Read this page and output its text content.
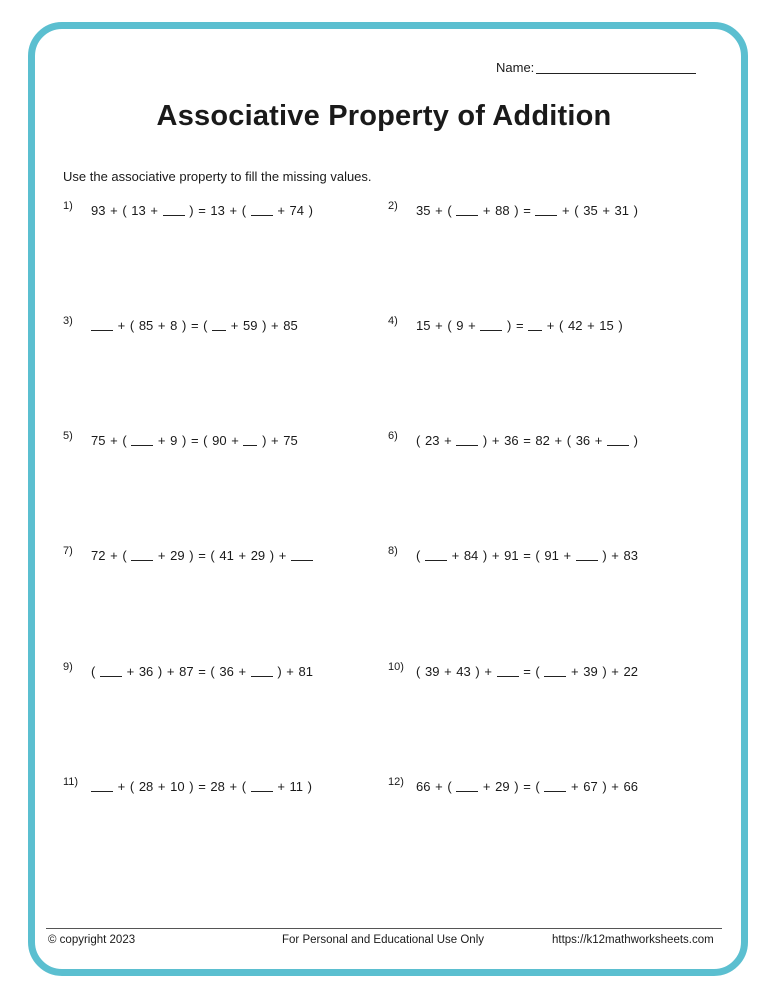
Name:
Associative Property of Addition
Use the associative property to fill the missing values.
1) 93 + ( 13 + ) = 13 + ( + 74 )	2) 35 + ( + 88 ) = + ( 35 + 31 )
3)	+ ( 85 + 8 ) = ( + 59 ) + 85	4) 15 + ( 9 + ) = + ( 42 + 15 )
5) 75 + ( + 9 ) = ( 90 + ) + 75	6) ( 23 + ) + 36 = 82 + ( 36 + )
7) 72 + ( + 29 ) = ( 41 + 29 ) +	8) ( + 84 ) + 91 = ( 91 + ) + 83
9) ( + 36 ) + 87 = ( 36 + ) + 81	10) ( 39 + 43 ) + = ( + 39 ) + 22
11)	+ ( 28 + 10 ) = 28 + ( + 11 )	12) 66 + ( + 29 ) = ( + 67 ) + 66
© copyright 2023	For Personal and Educational Use Only	https://k12mathworksheets.com
